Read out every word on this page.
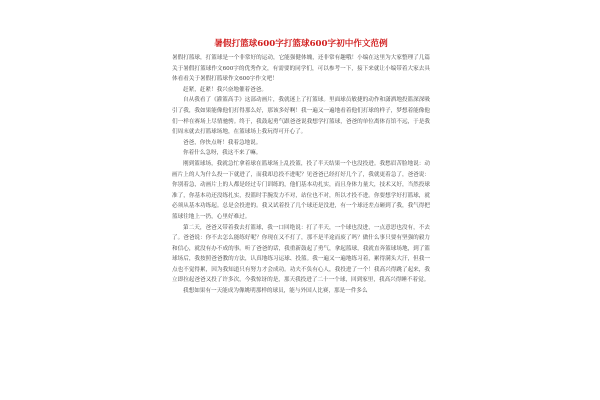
暑假打篮球600字打篮球600字初中作文范例

暑假打篮球，打篮球是一个非常好的运动，它能强健体魄，还非常有趣哦！小编在这里为大家整理了几篇关于暑假打篮球作文600字的优秀作文，有需要的同学们，可以参考一下，接下来就让小编带着大家去具体看看关于暑假打篮球作文600字作文吧！

赶紧，赶紧！我兴奋地催着爸爸。

自从我看了《灌篮高手》这部动画片，我就迷上了打篮球。里面球员敏捷的动作和潇洒地投篮深深吸引了我，我如果能像他们打得那么好，那该多好啊！我一遍又一遍地看着他们打球的样子，梦想着能像他们一样在赛场上尽情驰骋。终于，我鼓起勇气跟爸爸说我想学打篮球，爸爸的单位离体育馆不远，于是我们周末就去打篮球场地，在篮球场上我玩得可开心了。

爸爸，你快点呀！我着急地说。

你着什么急呀，我这不来了嘛。

刚到篮球场，我就急忙拿着球在篮球场上乱投篮，投了半天结果一个也没投进。我愁眉苦脸地说：动画片上的人为什么投一下就进了，而我却总投不进呢？见爸爸已经打好几个了，我就更着急了，爸爸说：你别着急，动画片上的人都是经过专门训练的，他们基本功扎实，而且身体力量大，技术又好，当然投球准了，你基本功还没练扎实，投篮时手腕发力不对，站位也不对，所以才投不进。你要想学好打篮球，就必须从基本功练起。总是会投进的。我又试着投了几个球还是没进，有一个球还差点砸到了我，我气得把篮球往地上一扔，心里好难过。

第二天，爸爸又带着我去打篮球，我一口回绝说：打了半天，一个球也没进，一点意思也没有，不去了。爸爸说：你不去怎么能练好呢？你现在又不打了，那不是半途而废了吗？做什么事只要有坚强的毅力和信心，就没有办不成的事。听了爸爸的话，我重新鼓起了勇气，拿起篮球，我就直奔篮球场地，到了篮球场后，我按照爸爸教的方法，认真地练习运球、投篮。我一遍又一遍地练习着，累得满头大汗，但我一点也不觉得累，因为我知道只有努力才会成功。功夫不负有心人，我投进了一个！我高兴得跳了起来，我立即拉起爸爸又投了许多次，今我惊讶的是，那天我投进了二十一个球，回到家里，我高兴得睡不着觉。

我想如果有一天能成为像姚明那样的球员，能与外国人比赛，那是一件多么
